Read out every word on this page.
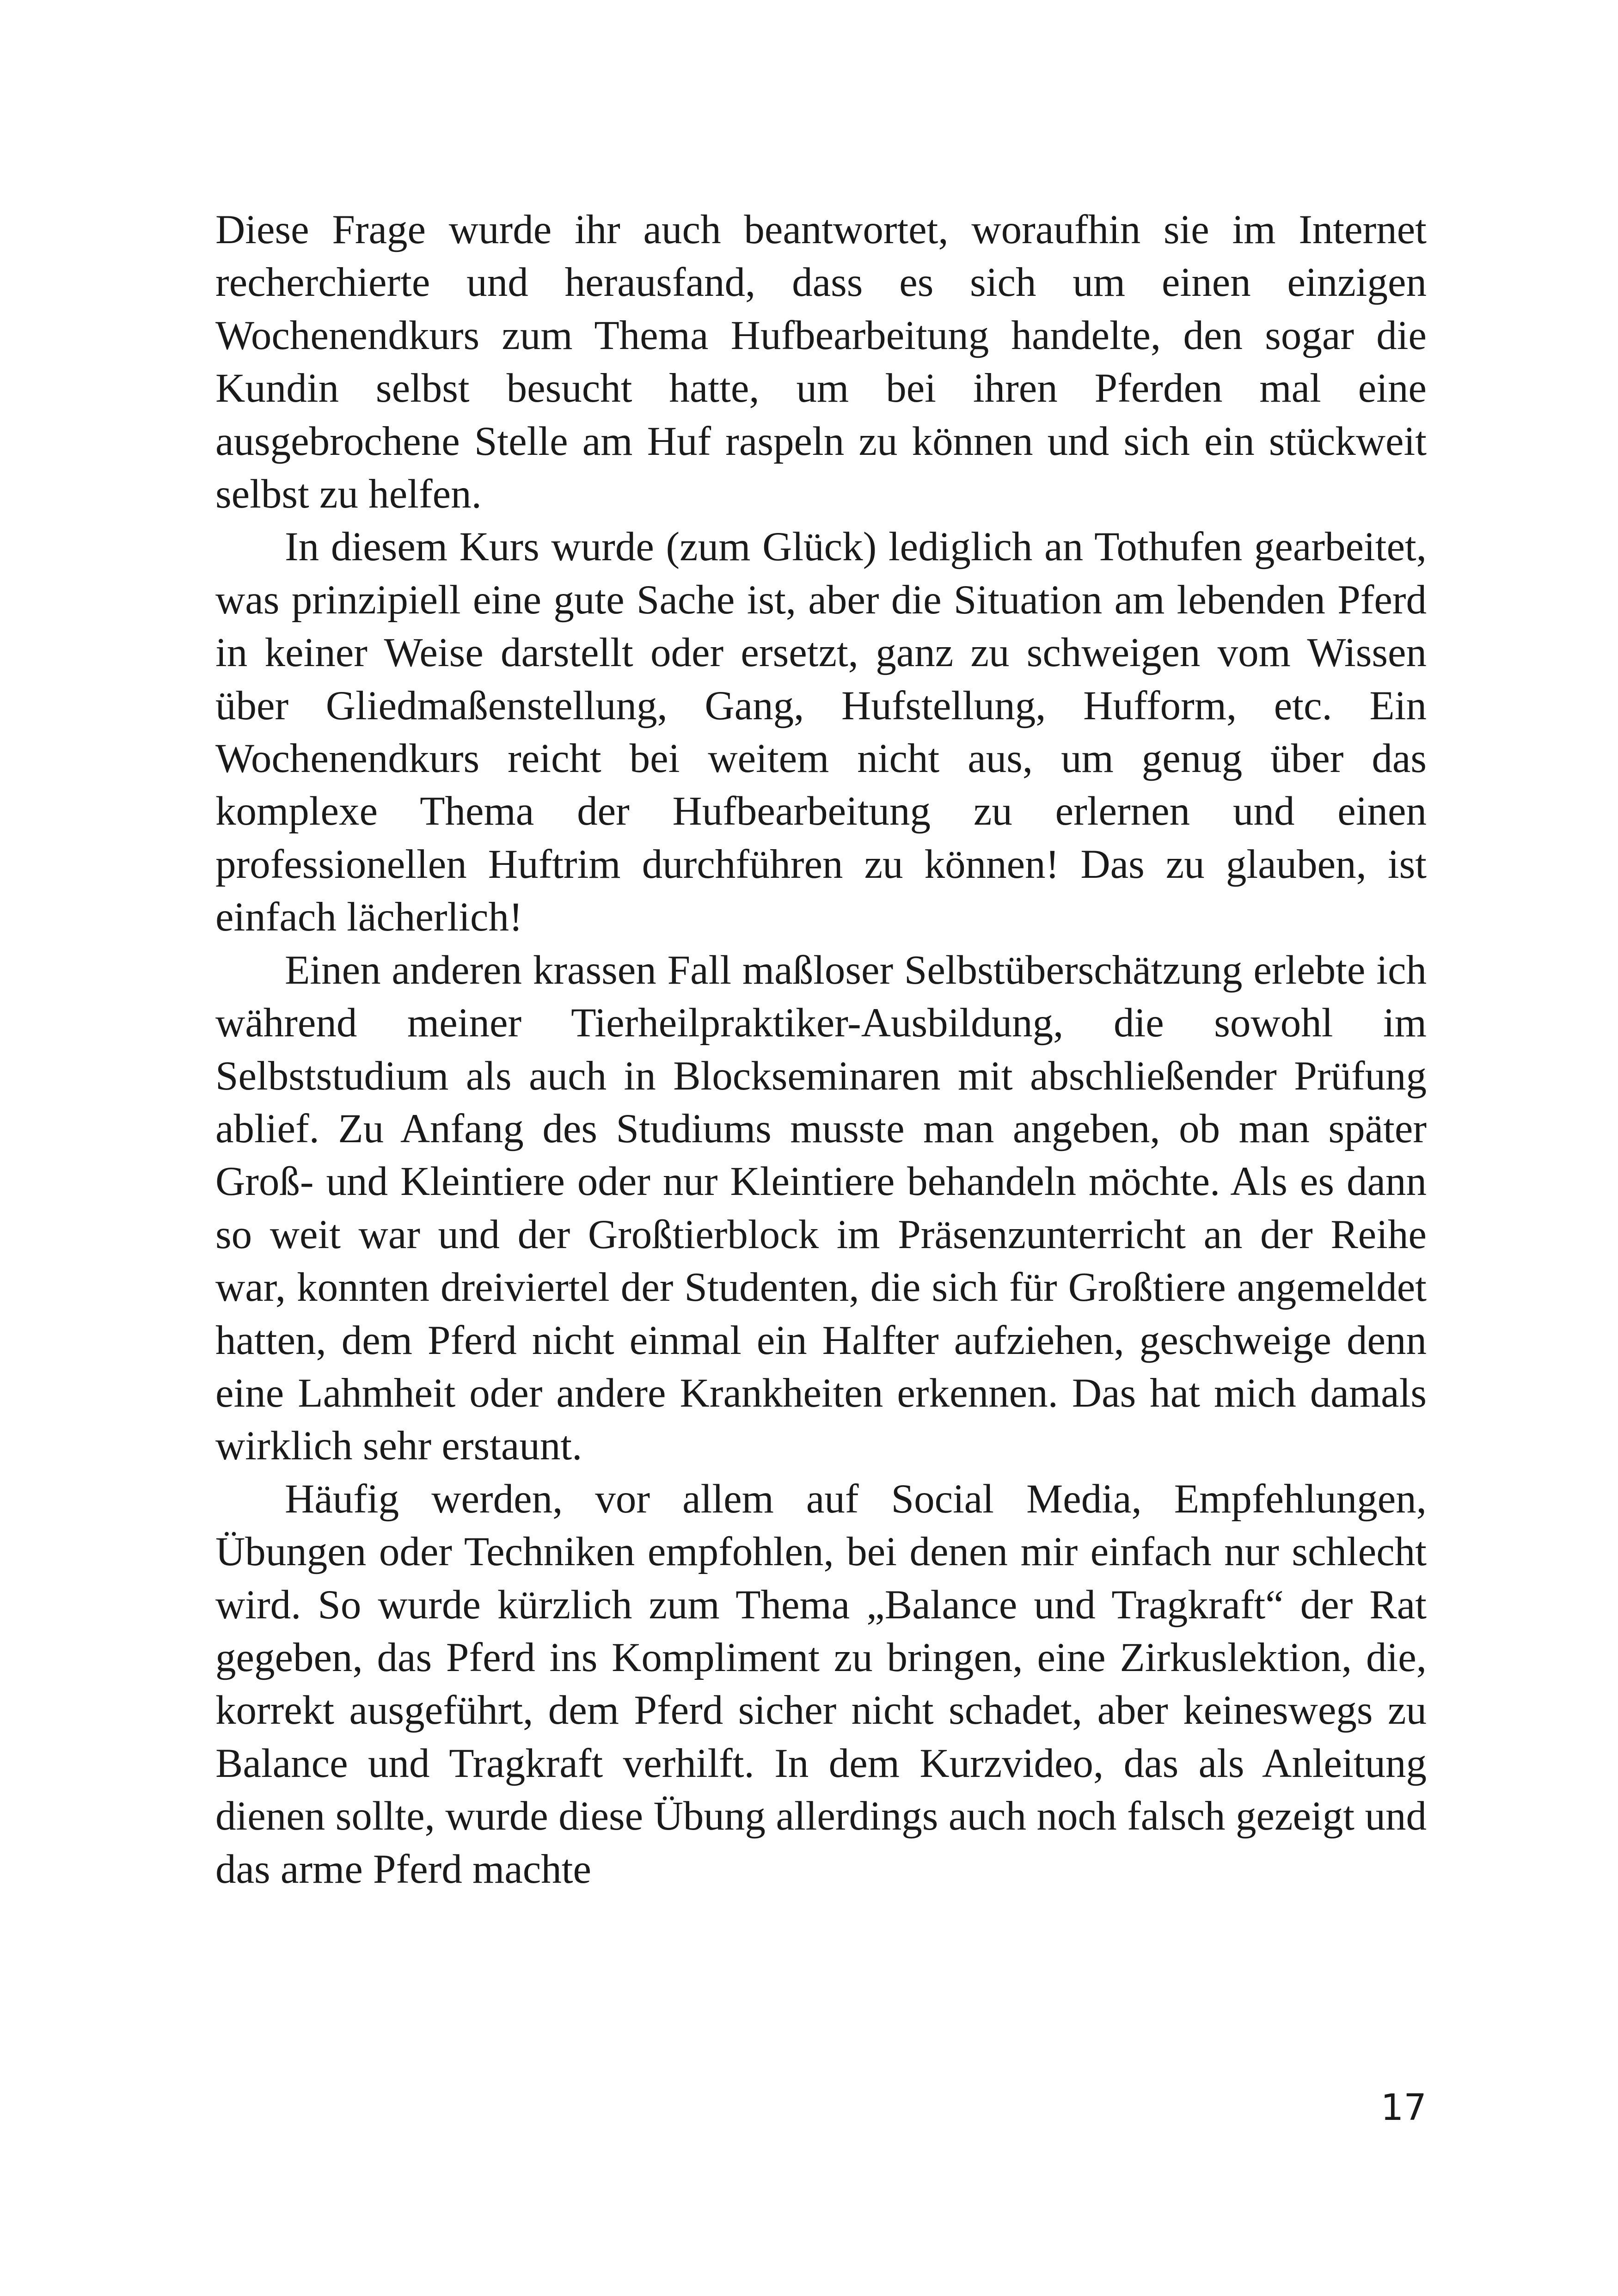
Diese Frage wurde ihr auch beantwortet, woraufhin sie im Internet recherchierte und herausfand, dass es sich um einen einzigen Wochenendkurs zum Thema Hufbearbeitung handelte, den sogar die Kundin selbst besucht hatte, um bei ihren Pferden mal eine ausgebrochene Stelle am Huf raspeln zu können und sich ein stückweit selbst zu helfen.

In diesem Kurs wurde (zum Glück) lediglich an Tothufen gearbeitet, was prinzipiell eine gute Sache ist, aber die Situation am lebenden Pferd in keiner Weise darstellt oder ersetzt, ganz zu schweigen vom Wissen über Gliedmaßenstellung, Gang, Hufstellung, Hufform, etc. Ein Wochenendkurs reicht bei weitem nicht aus, um genug über das komplexe Thema der Hufbearbeitung zu erlernen und einen professionellen Huftrim durchführen zu können! Das zu glauben, ist einfach lächerlich!

Einen anderen krassen Fall maßloser Selbstüberschätzung erlebte ich während meiner Tierheilpraktiker-Ausbildung, die sowohl im Selbststudium als auch in Blockseminaren mit abschließender Prüfung ablief. Zu Anfang des Studiums musste man angeben, ob man später Groß- und Kleintiere oder nur Kleintiere behandeln möchte. Als es dann so weit war und der Großtierblock im Präsenzunterricht an der Reihe war, konnten dreiviertel der Studenten, die sich für Großtiere angemeldet hatten, dem Pferd nicht einmal ein Halfter aufziehen, geschweige denn eine Lahmheit oder andere Krankheiten erkennen. Das hat mich damals wirklich sehr erstaunt.

Häufig werden, vor allem auf Social Media, Empfehlungen, Übungen oder Techniken empfohlen, bei denen mir einfach nur schlecht wird. So wurde kürzlich zum Thema „Balance und Tragkraft“ der Rat gegeben, das Pferd ins Kompliment zu bringen, eine Zirkuslektion, die, korrekt ausgeführt, dem Pferd sicher nicht schadet, aber keineswegs zu Balance und Tragkraft verhilft. In dem Kurzvideo, das als Anleitung dienen sollte, wurde diese Übung allerdings auch noch falsch gezeigt und das arme Pferd machte

17
